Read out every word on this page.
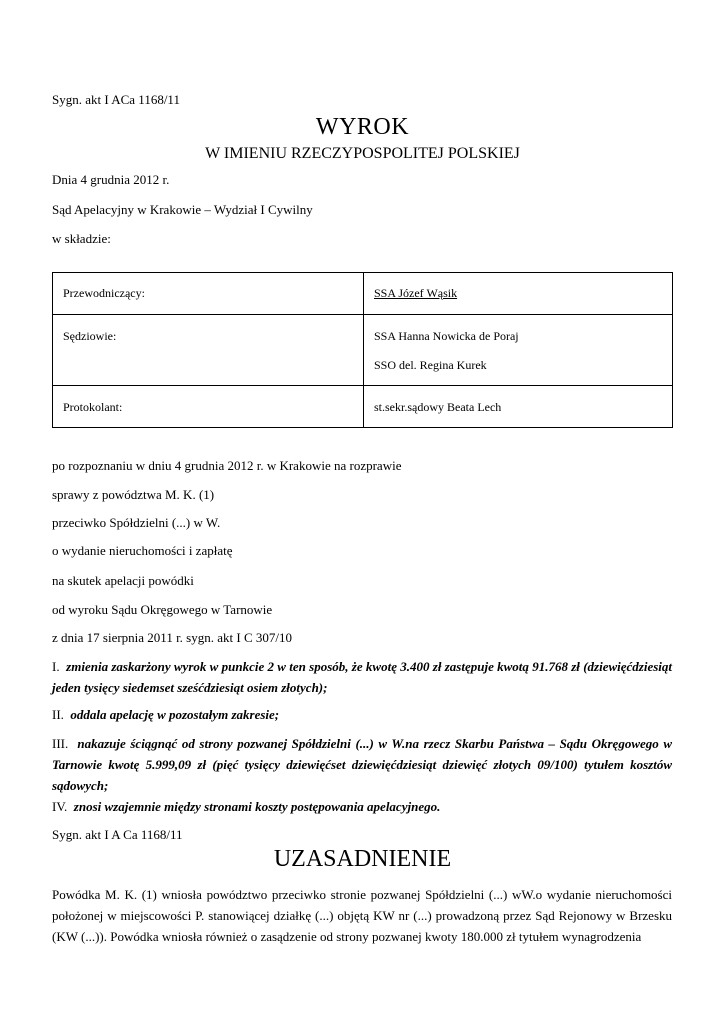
Sygn. akt I ACa 1168/11
WYROK
W IMIENIU RZECZYPOSPOLITEJ POLSKIEJ
Dnia 4 grudnia 2012 r.
Sąd Apelacyjny w Krakowie – Wydział I Cywilny
w składzie:
Przewodniczący:	SSA Józef Wąsik
Sędziowie:	SSA Hanna Nowicka de Poraj
SSO del. Regina Kurek

Protokolant:	st.sekr.sądowy Beata Lech
po rozpoznaniu w dniu 4 grudnia 2012 r. w Krakowie na rozprawie
sprawy z powództwa M. K. (1)
przeciwko Spółdzielni (...) w W.
o wydanie nieruchomości i zapłatę
na skutek apelacji powódki
od wyroku Sądu Okręgowego w Tarnowie
z dnia 17 sierpnia 2011 r. sygn. akt I C 307/10
I. zmienia zaskarżony wyrok w punkcie 2 w ten sposób, że kwotę 3.400 zł zastępuje kwotą 91.768 zł (dziewięćdziesiąt jeden tysięcy siedemset sześćdziesiąt osiem złotych);
II. oddala apelację w pozostałym zakresie;
III. nakazuje ściągnąć od strony pozwanej Spółdzielni (...) w W.na rzecz Skarbu Państwa – Sądu Okręgowego w Tarnowie kwotę 5.999,09 zł (pięć tysięcy dziewięćset dziewięćdziesiąt dziewięć złotych 09/100) tytułem kosztów sądowych;
IV. znosi wzajemnie między stronami koszty postępowania apelacyjnego.
Sygn. akt I A Ca 1168/11
UZASADNIENIE
Powódka M. K. (1) wniosła powództwo przeciwko stronie pozwanej Spółdzielni (...) wW.o wydanie nieruchomości położonej w miejscowości P. stanowiącej działkę (...) objętą KW nr (...) prowadzoną przez Sąd Rejonowy w Brzesku (KW (...)). Powódka wniosła również o zasądzenie od strony pozwanej kwoty 180.000 zł tytułem wynagrodzenia
